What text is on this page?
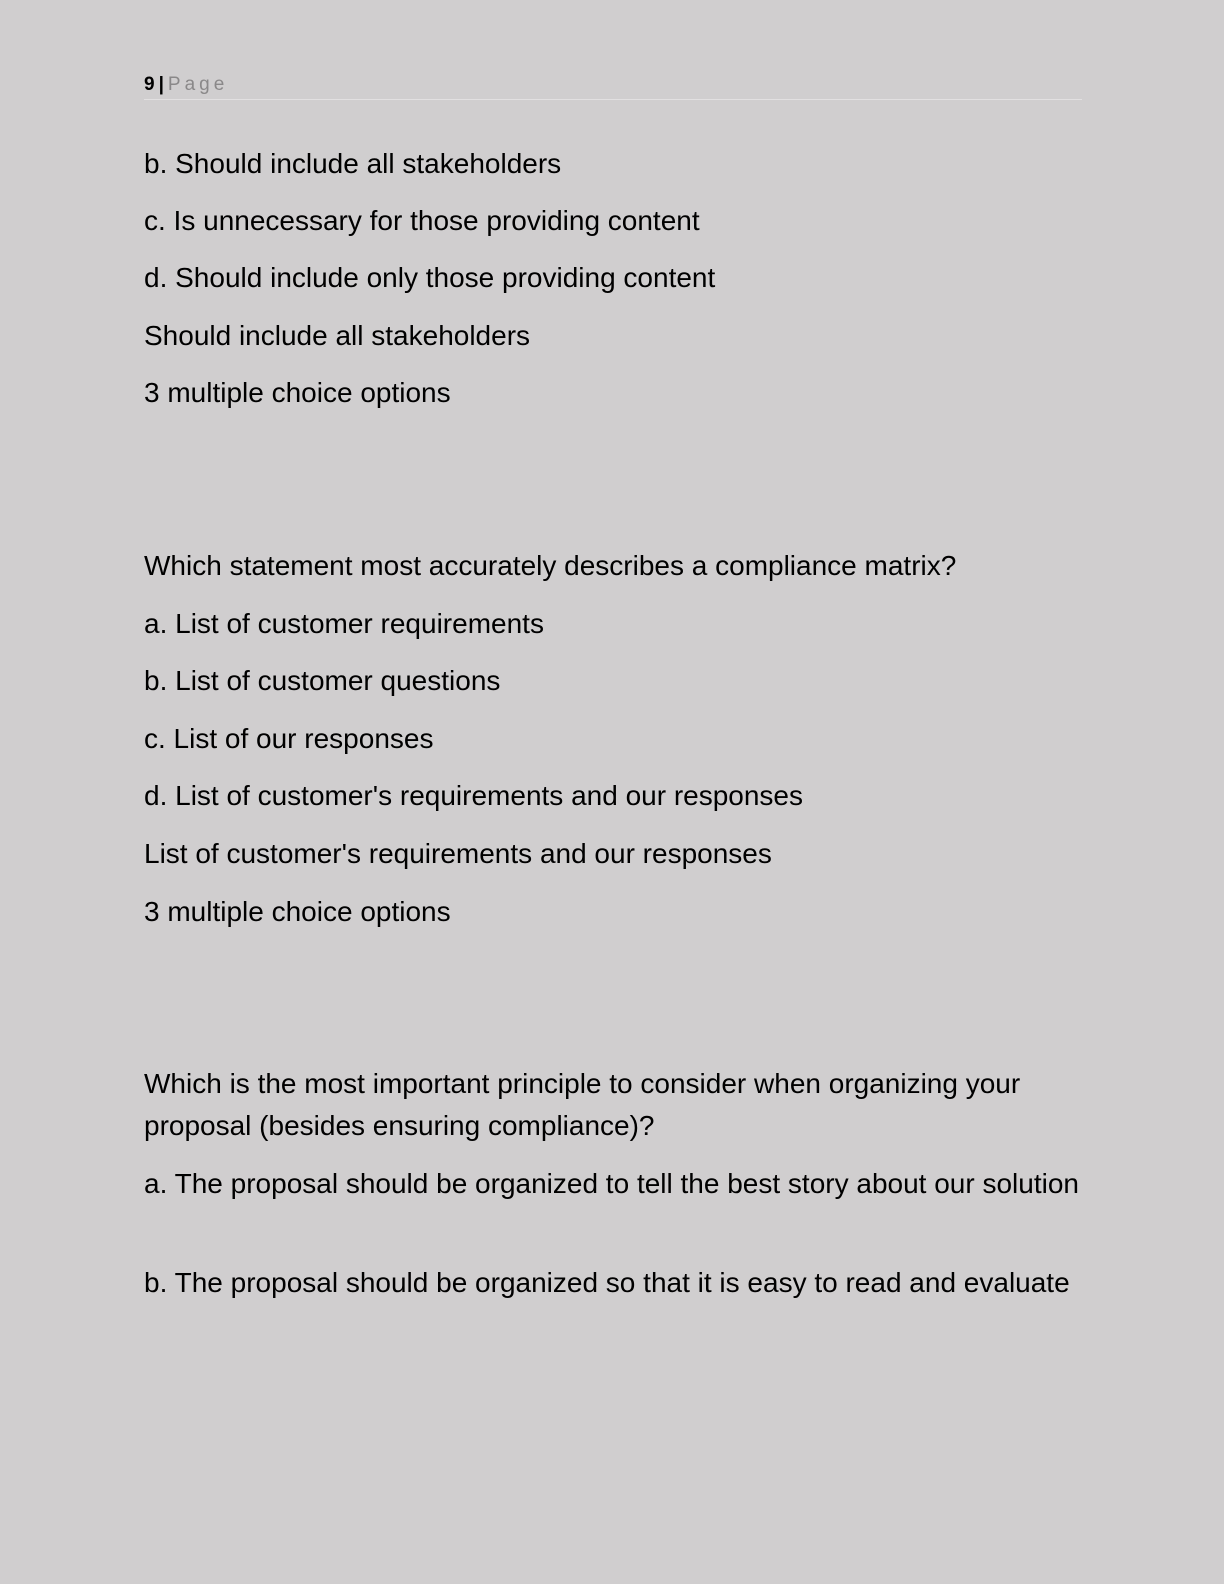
9 | Page
b. Should include all stakeholders
c. Is unnecessary for those providing content
d. Should include only those providing content
Should include all stakeholders
3 multiple choice options
Which statement most accurately describes a compliance matrix?
a. List of customer requirements
b. List of customer questions
c. List of our responses
d. List of customer's requirements and our responses
List of customer's requirements and our responses
3 multiple choice options
Which is the most important principle to consider when organizing your proposal (besides ensuring compliance)?
a. The proposal should be organized to tell the best story about our solution
b. The proposal should be organized so that it is easy to read and evaluate
